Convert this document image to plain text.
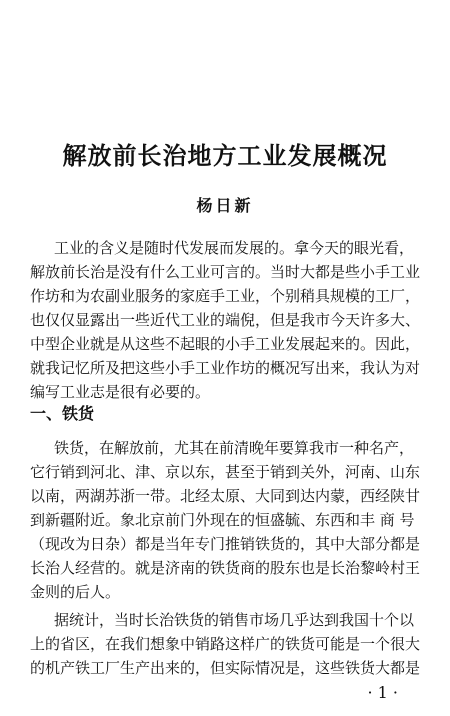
解放前长治地方工业发展概况
杨日新
工业的含义是随时代发展而发展的。拿今天的眼光看，
解放前长治是没有什么工业可言的。当时大都是些小手工业
作坊和为农副业服务的家庭手工业，个别稍具规模的工厂，
也仅仅显露出一些近代工业的端倪，但是我市今天许多大、
中型企业就是从这些不起眼的小手工业发展起来的。因此，
就我记忆所及把这些小手工业作坊的概况写出来，我认为对
编写工业志是很有必要的。
一、铁货
铁货，在解放前，尤其在前清晚年要算我市一种名产，
它行销到河北、津、京以东，甚至于销到关外，河南、山东
以南，两湖苏浙一带。北经太原、大同到达内蒙，西经陕甘
到新疆附近。象北京前门外现在的恒盛毓、东西和丰 商 号
（现改为日杂）都是当年专门推销铁货的，其中大部分都是
长治人经营的。就是济南的铁货商的股东也是长治黎岭村王
金则的后人。
据统计，当时长治铁货的销售市场几乎达到我国十个以
上的省区，在我们想象中销路这样广的铁货可能是一个很大
的机产铁工厂生产出来的，但实际情况是，这些铁货大都是
· 1 ·
